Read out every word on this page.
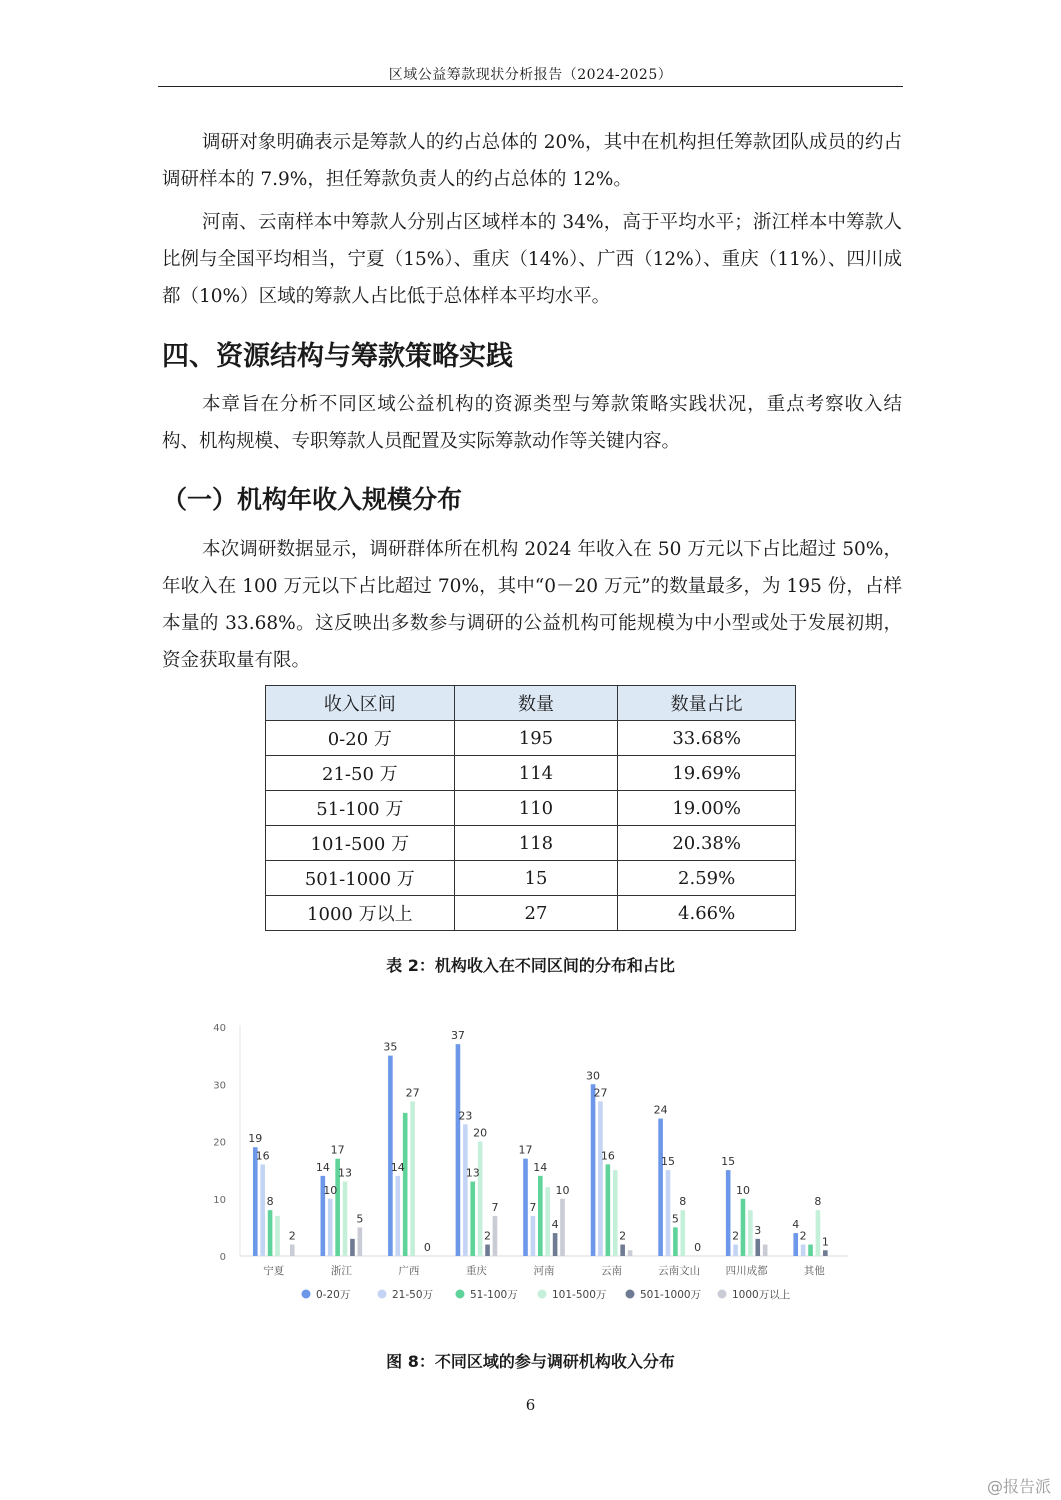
区域公益筹款现状分析报告（2024-2025）

调研对象明确表示是筹款人的约占总体的 20%，其中在机构担任筹款团队成员的约占调研样本的 7.9%，担任筹款负责人的约占总体的 12%。

河南、云南样本中筹款人分别占区域样本的 34%，高于平均水平；浙江样本中筹款人比例与全国平均相当，宁夏（15%）、重庆（14%）、广西（12%）、重庆（11%）、四川成都（10%）区域的筹款人占比低于总体样本平均水平。

四、资源结构与筹款策略实践

本章旨在分析不同区域公益机构的资源类型与筹款策略实践状况，重点考察收入结构、机构规模、专职筹款人员配置及实际筹款动作等关键内容。

（一）机构年收入规模分布

本次调研数据显示，调研群体所在机构 2024 年收入在 50 万元以下占比超过 50%，年收入在 100 万元以下占比超过 70%，其中“0－20 万元”的数量最多，为 195 份，占样本量的 33.68%。这反映出多数参与调研的公益机构可能规模为中小型或处于发展初期，资金获取量有限。

收入区间	数量	数量占比
0-20 万	195	33.68%
21-50 万	114	19.69%
51-100 万	110	19.00%
101-500 万	118	20.38%
501-1000 万	15	2.59%
1000 万以上	27	4.66%
表 2：机构收入在不同区间的分布和占比
0
10
20
30
40
宁夏	浙江	广西	重庆	河南	云南	云南文山 四川成都	其他
19
16
8
2
14
10
17
13
5
35
14
27
0
37
23
13
20
2
7
17
7
14
4
10
30
27
16
2
24
15
5
8
0
15
2
10
3	4
2
8
1
0-20万	21-50万	51-100万	101-500万	501-1000万	1000万以上
图 8：不同区域的参与调研机构收入分布
6
@报告派
